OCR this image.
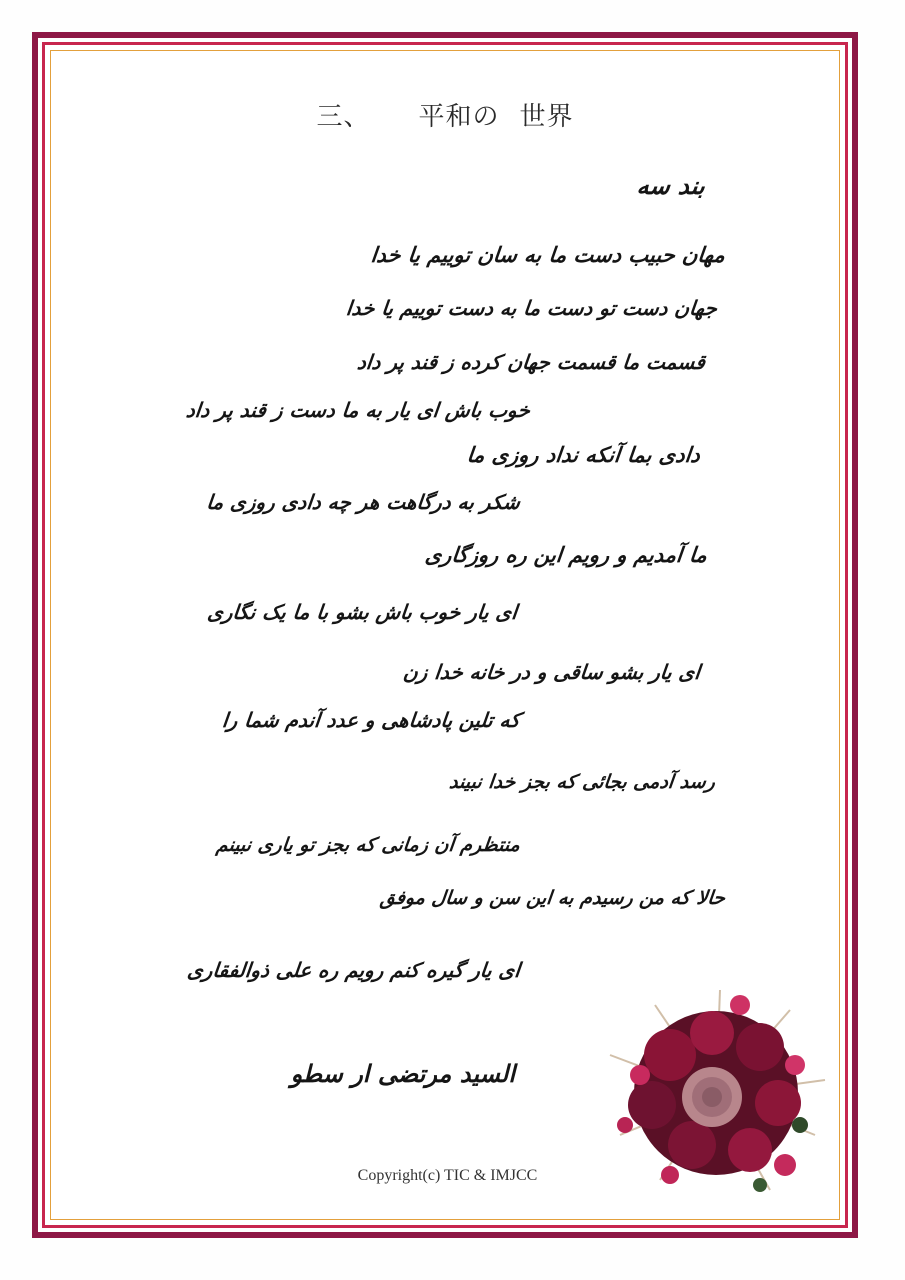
三、 平和の 世界
بند سه
مهان حبیب دست ما به سان توییم یا خدا
جهان دست تو دست ما به دست توییم یا خدا
قسمت ما قسمت جهان کرده ز قند پر داد
خوب باش ای یار به ما دست ز قند پر داد
دادی بما آنکه نداد روزی ما
شکر به درگاهت هر چه دادی روزی ما
ما آمدیم و رویم این ره روزگاری
ای یار خوب باش بشو با ما یک نگاری
ای یار بشو ساقی و در خانه خدا زن
که تلین پادشاهی و عدد آندم شما را
رسد آدمی بجائی که بجز خدا نبیند
منتظرم آن زمانی که بجز تو یاری نبینم
حالا که من رسیدم به این سن و سال موفق
ای یار گیره کنم رویم ره علی ذوالفقاری
السید مرتضی ار سطو
Copyright(c) TIC & IMJCC
